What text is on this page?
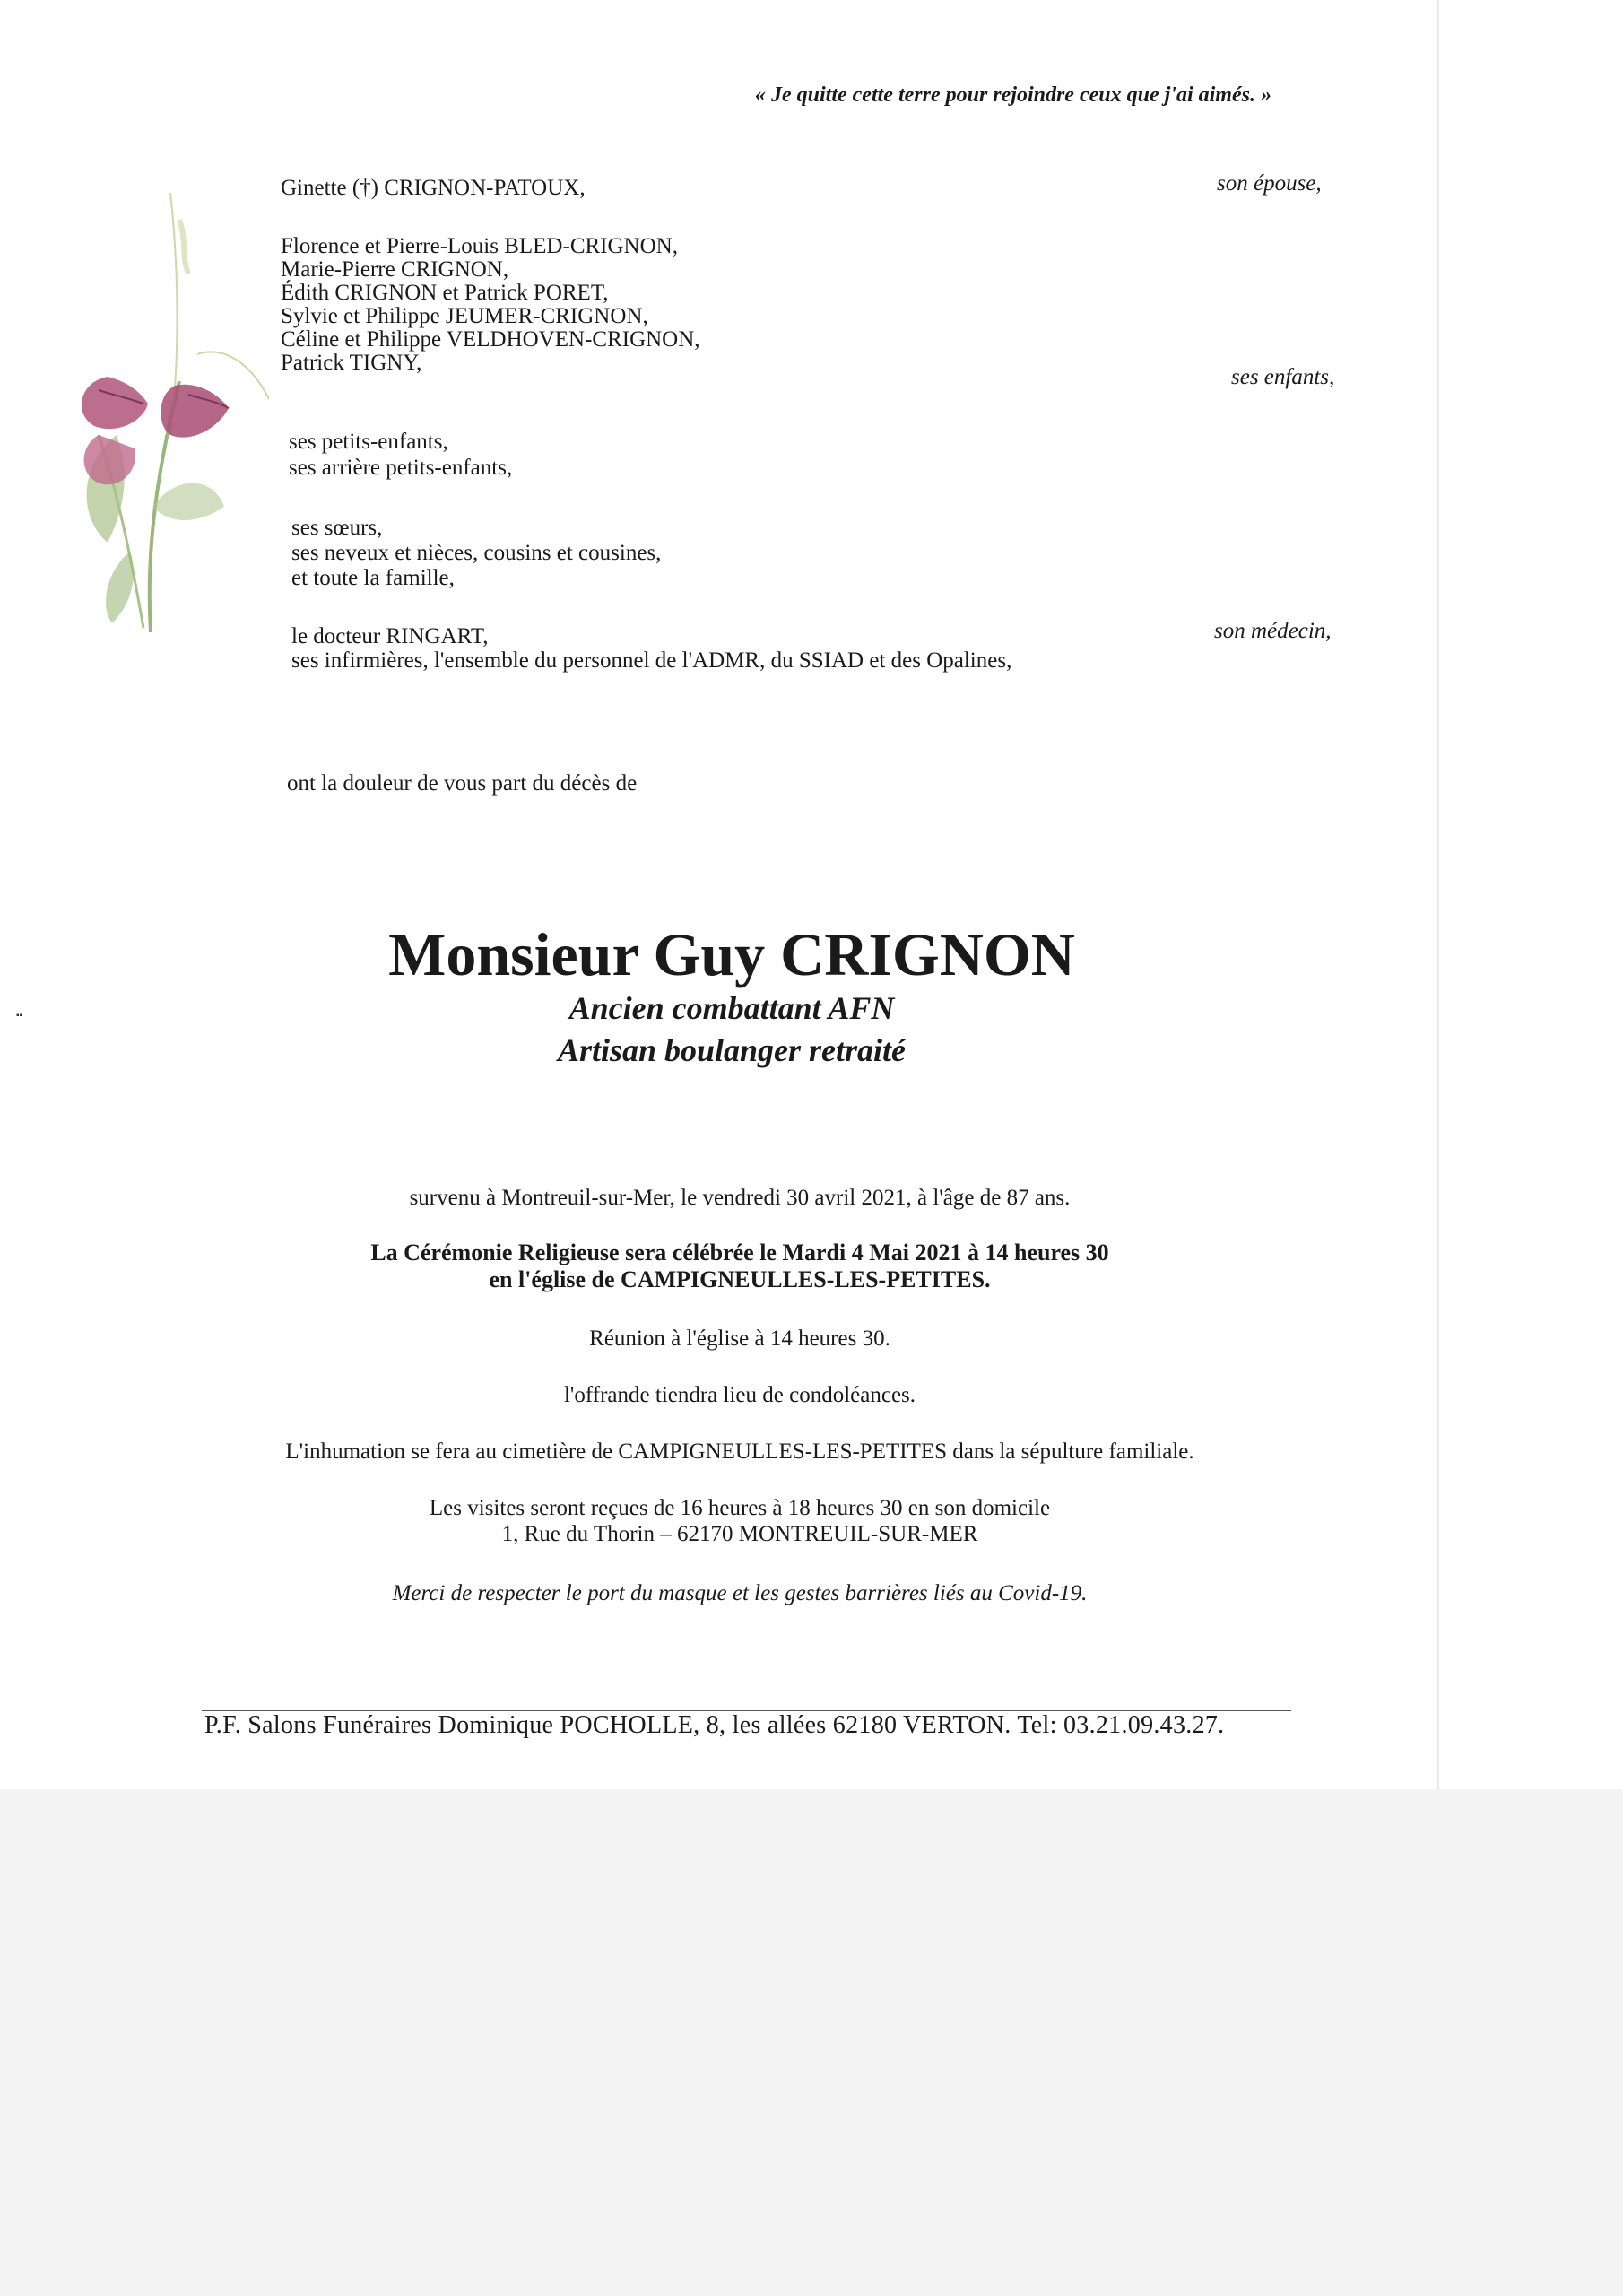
« Je quitte cette terre pour rejoindre ceux que j'ai aimés. »
Ginette (†) CRIGNON-PATOUX,	son épouse,
Florence et Pierre-Louis BLED-CRIGNON,
Marie-Pierre CRIGNON,
Édith CRIGNON et Patrick PORET,
Sylvie et Philippe JEUMER-CRIGNON,
Céline et Philippe VELDHOVEN-CRIGNON,
Patrick TIGNY,
ses enfants,
ses petits-enfants,
ses arrière petits-enfants,
ses sœurs,
ses neveux et nièces, cousins et cousines,
et toute la famille,
le docteur RINGART,
ses infirmières, l'ensemble du personnel de l'ADMR, du SSIAD et des Opalines,
son médecin,
ont la douleur de vous part du décès de
Monsieur Guy CRIGNON
Ancien combattant AFN
Artisan boulanger retraité
▪▪
survenu à Montreuil-sur-Mer, le vendredi 30 avril 2021, à l'âge de 87 ans.
La Cérémonie Religieuse sera célébrée le Mardi 4 Mai 2021 à 14 heures 30
en l'église de CAMPIGNEULLES-LES-PETITES.
Réunion à l'église à 14 heures 30.
l'offrande tiendra lieu de condoléances.
L'inhumation se fera au cimetière de CAMPIGNEULLES-LES-PETITES dans la sépulture familiale.
Les visites seront reçues de 16 heures à 18 heures 30 en son domicile
1, Rue du Thorin – 62170 MONTREUIL-SUR-MER
Merci de respecter le port du masque et les gestes barrières liés au Covid-19.
P.F. Salons Funéraires Dominique POCHOLLE, 8, les allées 62180 VERTON. Tel: 03.21.09.43.27.
